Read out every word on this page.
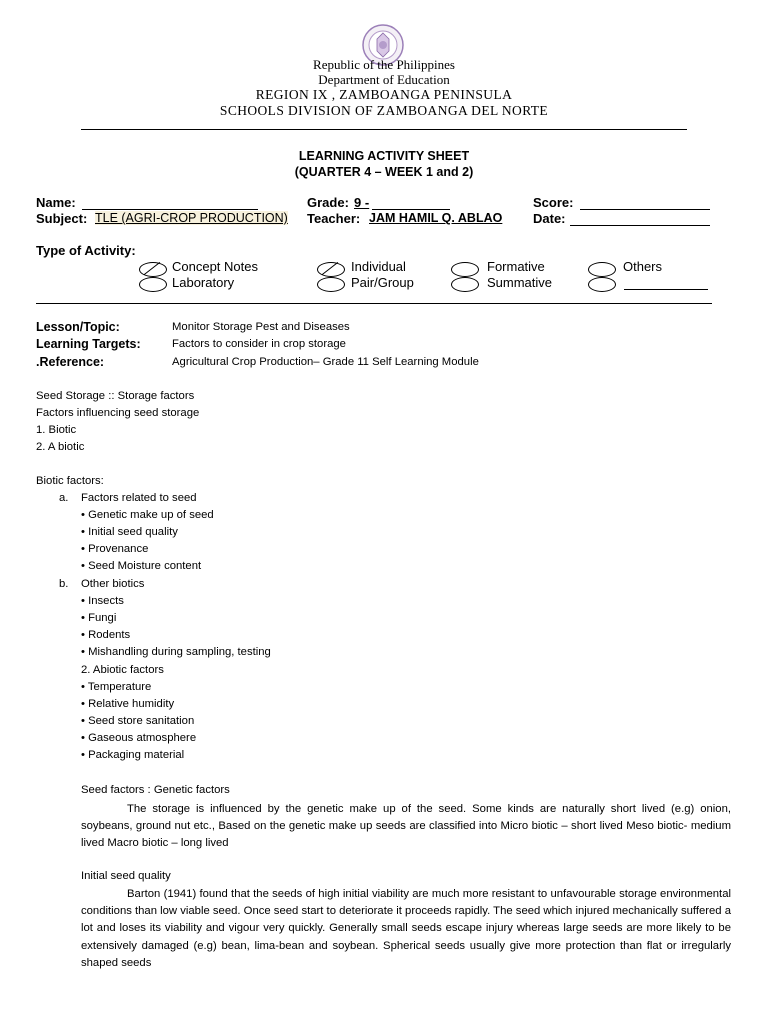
Republic of the Philippines
Department of Education
REGION IX , ZAMBOANGA PENINSULA
SCHOOLS DIVISION OF ZAMBOANGA DEL NORTE
LEARNING ACTIVITY SHEET
(QUARTER 4 – WEEK 1 and 2)
Name:	Grade: 9 -	Score:
Subject: TLE (AGRI-CROP PRODUCTION) Teacher: JAM HAMIL Q. ABLAO Date:
Type of Activity:
Concept Notes	Individual	Formative	Others
Laboratory	Pair/Group	Summative
Lesson/Topic:	Monitor Storage Pest and Diseases
Learning Targets:	Factors to consider in crop storage
.Reference:	Agricultural Crop Production– Grade 11 Self Learning Module
Seed Storage :: Storage factors
Factors influencing seed storage
1. Biotic
2. A biotic
Biotic factors:
a. Factors related to seed
• Genetic make up of seed
• Initial seed quality
• Provenance
• Seed Moisture content
b. Other biotics
• Insects
• Fungi
• Rodents
• Mishandling during sampling, testing
2. Abiotic factors
• Temperature
• Relative humidity
• Seed store sanitation
• Gaseous atmosphere
• Packaging material
Seed factors : Genetic factors
The storage is influenced by the genetic make up of the seed. Some kinds are naturally short lived (e.g) onion, soybeans, ground nut etc., Based on the genetic make up seeds are classified into Micro biotic – short lived Meso biotic- medium lived Macro biotic – long lived
Initial seed quality
Barton (1941) found that the seeds of high initial viability are much more resistant to unfavourable storage environmental conditions than low viable seed. Once seed start to deteriorate it proceeds rapidly. The seed which injured mechanically suffered a lot and loses its viability and vigour very quickly. Generally small seeds escape injury whereas large seeds are more likely to be extensively damaged (e.g) bean, lima-bean and soybean. Spherical seeds usually give more protection than flat or irregularly shaped seeds
